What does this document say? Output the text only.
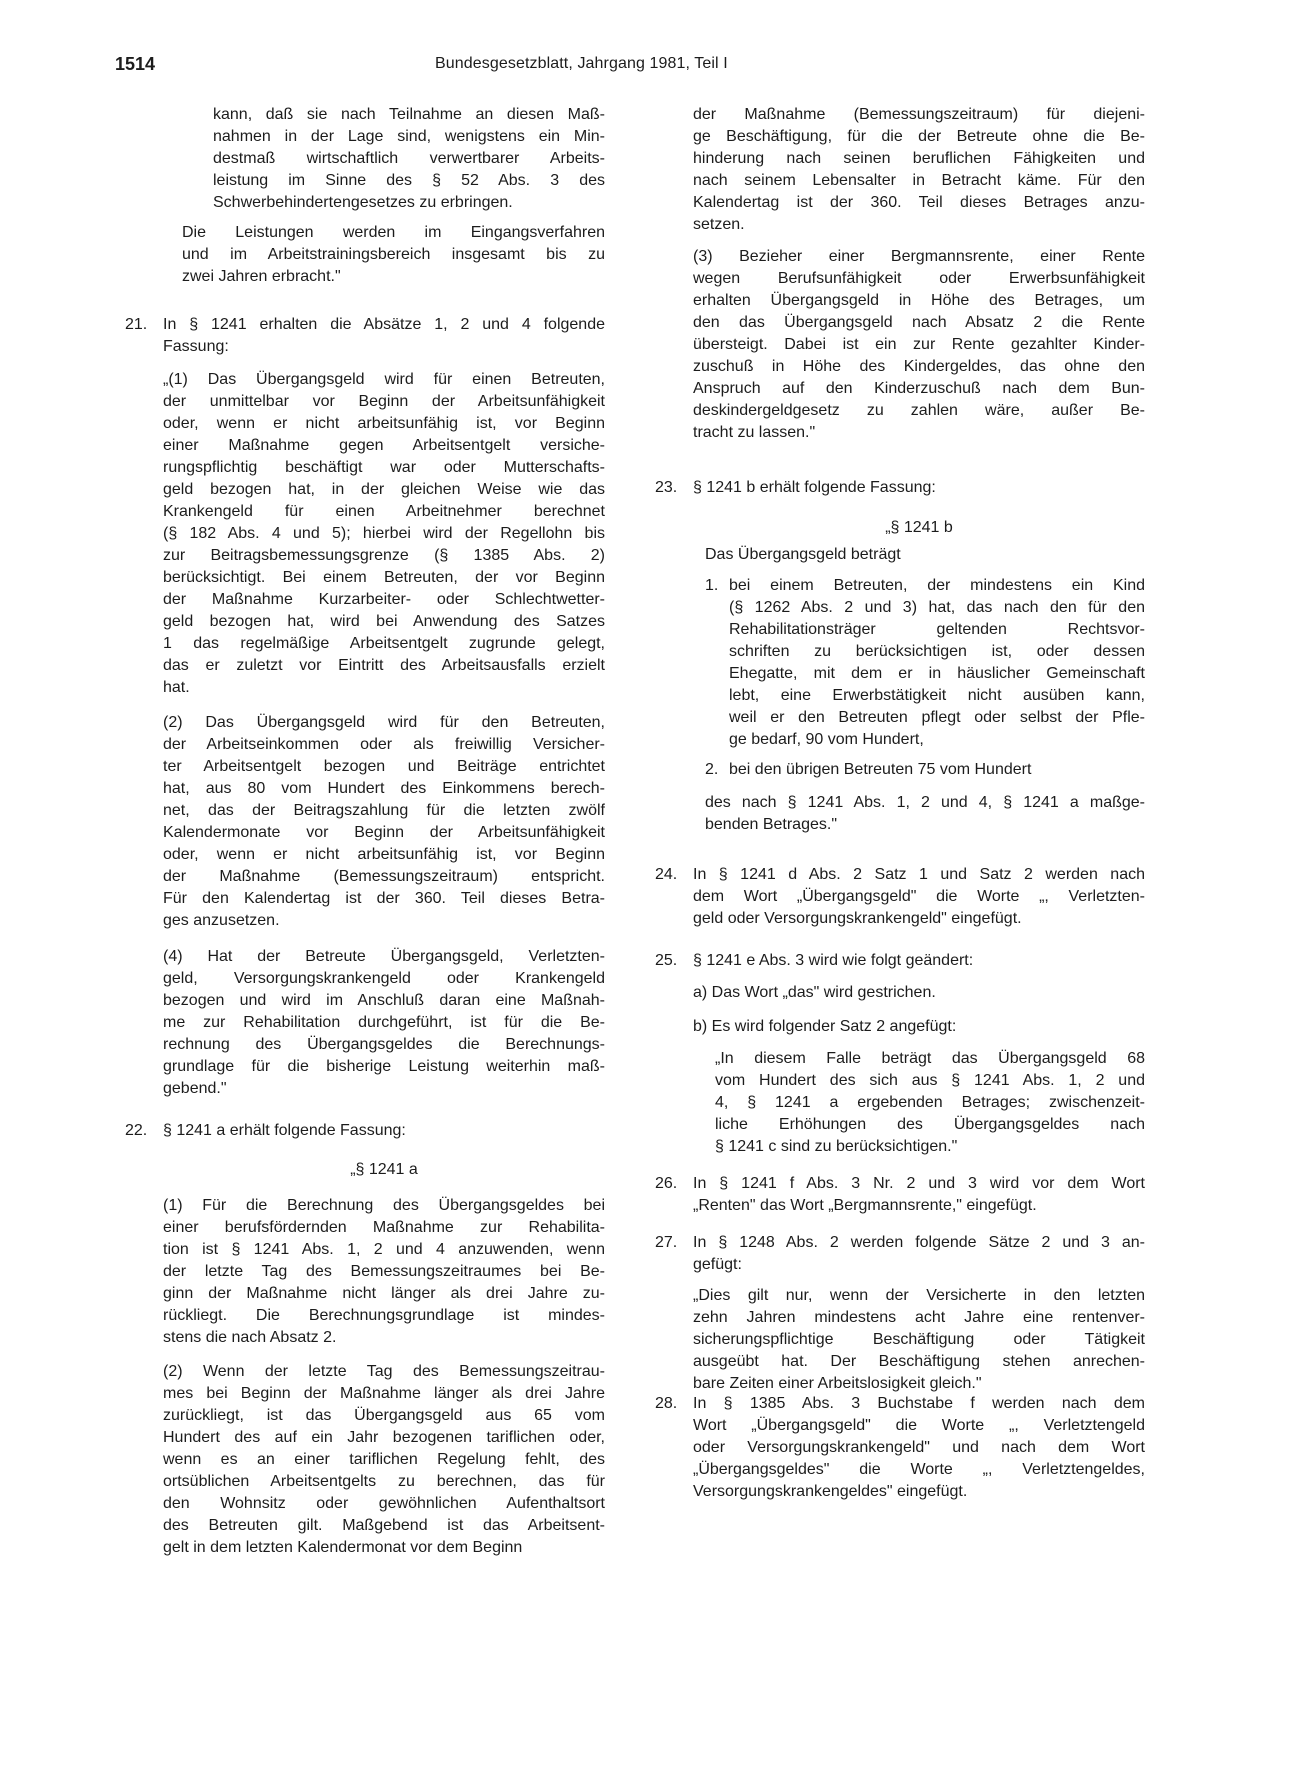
1514	Bundesgesetzblatt, Jahrgang 1981, Teil I
kann, daß sie nach Teilnahme an diesen Maß-
nahmen in der Lage sind, wenigstens ein Min-
destmaß wirtschaftlich verwertbarer Arbeits-
leistung im Sinne des § 52 Abs. 3 des
Schwerbehindertengesetzes zu erbringen.
Die Leistungen werden im Eingangsverfahren
und im Arbeitstrainingsbereich insgesamt bis zu
zwei Jahren erbracht."
21. In § 1241 erhalten die Absätze 1, 2 und 4 folgende
Fassung:
„(1) Das Übergangsgeld wird für einen Betreuten,
der unmittelbar vor Beginn der Arbeitsunfähigkeit
oder, wenn er nicht arbeitsunfähig ist, vor Beginn
einer Maßnahme gegen Arbeitsentgelt versiche-
rungspflichtig beschäftigt war oder Mutterschafts-
geld bezogen hat, in der gleichen Weise wie das
Krankengeld für einen Arbeitnehmer berechnet
(§ 182 Abs. 4 und 5); hierbei wird der Regellohn bis
zur Beitragsbemessungsgrenze (§ 1385 Abs. 2)
berücksichtigt. Bei einem Betreuten, der vor Beginn
der Maßnahme Kurzarbeiter- oder Schlechtwetter-
geld bezogen hat, wird bei Anwendung des Satzes
1 das regelmäßige Arbeitsentgelt zugrunde gelegt,
das er zuletzt vor Eintritt des Arbeitsausfalls erzielt
hat.
(2) Das Übergangsgeld wird für den Betreuten,
der Arbeitseinkommen oder als freiwillig Versicher-
ter Arbeitsentgelt bezogen und Beiträge entrichtet
hat, aus 80 vom Hundert des Einkommens berech-
net, das der Beitragszahlung für die letzten zwölf
Kalendermonate vor Beginn der Arbeitsunfähigkeit
oder, wenn er nicht arbeitsunfähig ist, vor Beginn
der Maßnahme (Bemessungszeitraum) entspricht.
Für den Kalendertag ist der 360. Teil dieses Betra-
ges anzusetzen.
(4) Hat der Betreute Übergangsgeld, Verletzten-
geld, Versorgungskrankengeld oder Krankengeld
bezogen und wird im Anschluß daran eine Maßnah-
me zur Rehabilitation durchgeführt, ist für die Be-
rechnung des Übergangsgeldes die Berechnungs-
grundlage für die bisherige Leistung weiterhin maß-
gebend."
22. § 1241 a erhält folgende Fassung:
„§ 1241 a
(1) Für die Berechnung des Übergangsgeldes bei
einer berufsfördernden Maßnahme zur Rehabilita-
tion ist § 1241 Abs. 1, 2 und 4 anzuwenden, wenn
der letzte Tag des Bemessungszeitraumes bei Be-
ginn der Maßnahme nicht länger als drei Jahre zu-
rückliegt. Die Berechnungsgrundlage ist mindes-
stens die nach Absatz 2.
(2) Wenn der letzte Tag des Bemessungszeitrau-
mes bei Beginn der Maßnahme länger als drei Jahre
zurückliegt, ist das Übergangsgeld aus 65 vom
Hundert des auf ein Jahr bezogenen tariflichen oder,
wenn es an einer tariflichen Regelung fehlt, des
ortsüblichen Arbeitsentgelts zu berechnen, das für
den Wohnsitz oder gewöhnlichen Aufenthaltsort
des Betreuten gilt. Maßgebend ist das Arbeitsent-
gelt in dem letzten Kalendermonat vor dem Beginn
der Maßnahme (Bemessungszeitraum) für diejeni-
ge Beschäftigung, für die der Betreute ohne die Be-
hinderung nach seinen beruflichen Fähigkeiten und
nach seinem Lebensalter in Betracht käme. Für den
Kalendertag ist der 360. Teil dieses Betrages anzu-
setzen.
(3) Bezieher einer Bergmannsrente, einer Rente
wegen Berufsunfähigkeit oder Erwerbsunfähigkeit
erhalten Übergangsgeld in Höhe des Betrages, um
den das Übergangsgeld nach Absatz 2 die Rente
übersteigt. Dabei ist ein zur Rente gezahlter Kinder-
zuschuß in Höhe des Kindergeldes, das ohne den
Anspruch auf den Kinderzuschuß nach dem Bun-
deskindergeldgesetz zu zahlen wäre, außer Be-
tracht zu lassen."
23. § 1241 b erhält folgende Fassung:
„§ 1241 b
Das Übergangsgeld beträgt
1. bei einem Betreuten, der mindestens ein Kind
(§ 1262 Abs. 2 und 3) hat, das nach den für den
Rehabilitationsträger geltenden Rechtsvor-
schriften zu berücksichtigen ist, oder dessen
Ehegatte, mit dem er in häuslicher Gemeinschaft
lebt, eine Erwerbstätigkeit nicht ausüben kann,
weil er den Betreuten pflegt oder selbst der Pfle-
ge bedarf, 90 vom Hundert,
2. bei den übrigen Betreuten 75 vom Hundert
des nach § 1241 Abs. 1, 2 und 4, § 1241 a maßge-
benden Betrages."
24. In § 1241 d Abs. 2 Satz 1 und Satz 2 werden nach
dem Wort „Übergangsgeld" die Worte „, Verletzten-
geld oder Versorgungskrankengeld" eingefügt.
25. § 1241 e Abs. 3 wird wie folgt geändert:
a) Das Wort „das" wird gestrichen.
b) Es wird folgender Satz 2 angefügt:
„In diesem Falle beträgt das Übergangsgeld 68
vom Hundert des sich aus § 1241 Abs. 1, 2 und
4, § 1241 a ergebenden Betrages; zwischenzeit-
liche Erhöhungen des Übergangsgeldes nach
§ 1241 c sind zu berücksichtigen."
26. In § 1241 f Abs. 3 Nr. 2 und 3 wird vor dem Wort
„Renten" das Wort „Bergmannsrente," eingefügt.
27. In § 1248 Abs. 2 werden folgende Sätze 2 und 3 an-
gefügt:
„Dies gilt nur, wenn der Versicherte in den letzten
zehn Jahren mindestens acht Jahre eine rentenver-
sicherungspflichtige Beschäftigung oder Tätigkeit
ausgeübt hat. Der Beschäftigung stehen anrechen-
bare Zeiten einer Arbeitslosigkeit gleich."
28. In § 1385 Abs. 3 Buchstabe f werden nach dem
Wort „Übergangsgeld" die Worte „, Verletztengeld
oder Versorgungskrankengeld" und nach dem Wort
„Übergangsgeldes" die Worte „, Verletztengeldes,
Versorgungskrankengeldes" eingefügt.
